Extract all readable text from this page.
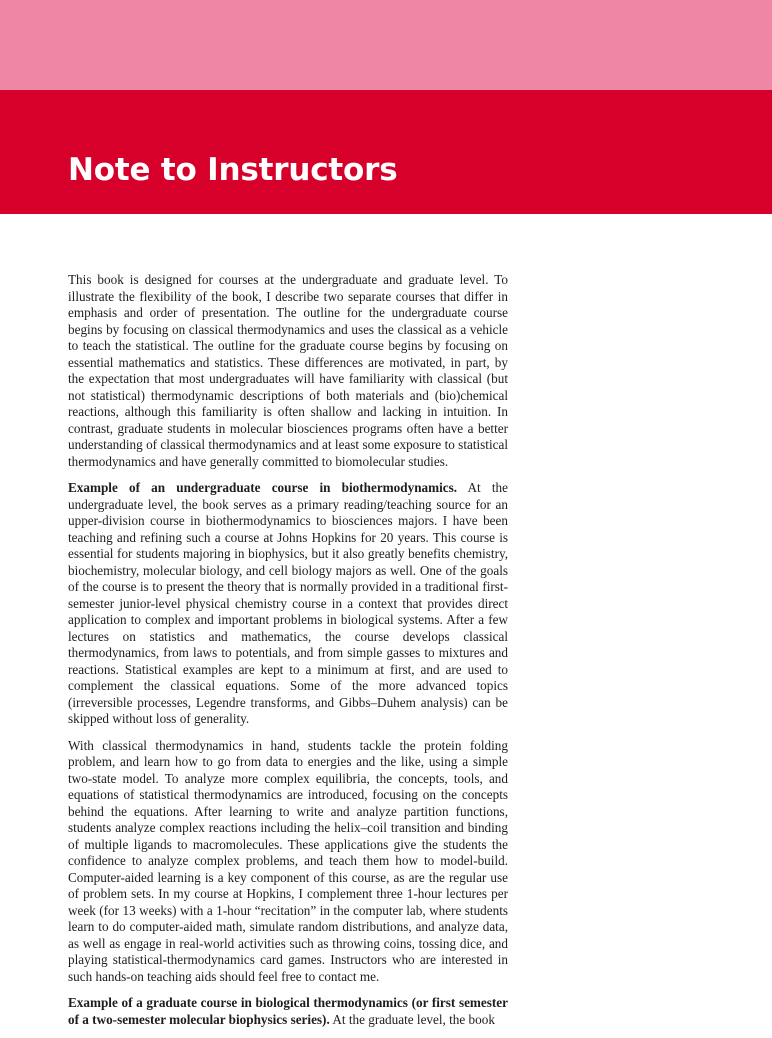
Note to Instructors

This book is designed for courses at the undergraduate and graduate level. To illustrate the flexibility of the book, I describe two separate courses that differ in emphasis and order of presentation. The outline for the undergraduate course begins by focusing on classical thermodynamics and uses the classical as a vehicle to teach the statistical. The outline for the graduate course begins by focusing on essential mathematics and statistics. These differences are motivated, in part, by the expectation that most undergraduates will have familiarity with classical (but not statistical) thermodynamic descriptions of both materials and (bio)chemical reactions, although this familiarity is often shallow and lacking in intuition. In contrast, graduate students in molecular biosciences programs often have a better understanding of classical thermodynamics and at least some exposure to statistical thermodynamics and have generally committed to biomolecular studies.

Example of an undergraduate course in biothermodynamics. At the undergraduate level, the book serves as a primary reading/teaching source for an upper-division course in biothermodynamics to biosciences majors. I have been teaching and refining such a course at Johns Hopkins for 20 years. This course is essential for students majoring in biophysics, but it also greatly benefits chemistry, biochemistry, molecular biology, and cell biology majors as well. One of the goals of the course is to present the theory that is normally provided in a traditional first-semester junior-level physical chemistry course in a context that provides direct application to complex and important problems in biological systems. After a few lectures on statistics and mathematics, the course develops classical thermodynamics, from laws to potentials, and from simple gasses to mixtures and reactions. Statistical examples are kept to a minimum at first, and are used to complement the classical equations. Some of the more advanced topics (irreversible processes, Legendre transforms, and Gibbs–Duhem analysis) can be skipped without loss of generality.

With classical thermodynamics in hand, students tackle the protein folding problem, and learn how to go from data to energies and the like, using a simple two-state model. To analyze more complex equilibria, the concepts, tools, and equations of statistical thermodynamics are introduced, focusing on the concepts behind the equations. After learning to write and analyze partition functions, students analyze complex reactions including the helix–coil transition and binding of multiple ligands to macromolecules. These applications give the students the confidence to analyze complex problems, and teach them how to model-build. Computer-aided learning is a key component of this course, as are the regular use of problem sets. In my course at Hopkins, I complement three 1-hour lectures per week (for 13 weeks) with a 1-hour “recitation” in the computer lab, where students learn to do computer-aided math, simulate random distributions, and analyze data, as well as engage in real-world activities such as throwing coins, tossing dice, and playing statistical-thermodynamics card games. Instructors who are interested in such hands-on teaching aids should feel free to contact me.

Example of a graduate course in biological thermodynamics (or first semester of a two-semester molecular biophysics series). At the graduate level, the book
